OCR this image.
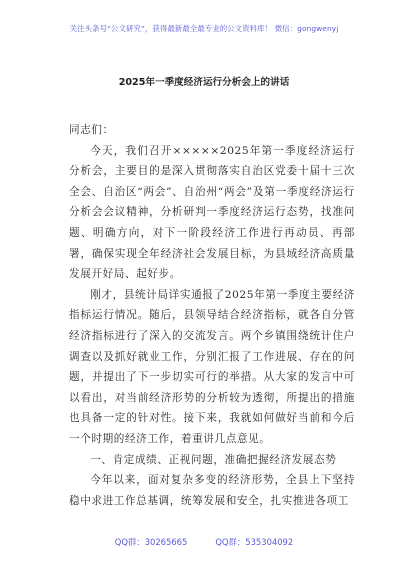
关注头条号“公文研究”，获得最新最全最专业的公文资料库！ 微信：gongwenyj
2025年一季度经济运行分析会上的讲话

同志们：

今天，我们召开×××××2025年第一季度经济运行分析会，主要目的是深入贯彻落实自治区党委十届十三次全会、自治区“两会”、自治州“两会”及第一季度经济运行分析会会议精神，分析研判一季度经济运行态势，找准问题、明确方向，对下一阶段经济工作进行再动员、再部署，确保实现全年经济社会发展目标，为县域经济高质量发展开好局、起好步。

刚才，县统计局详实通报了2025年第一季度主要经济指标运行情况。随后，县领导结合经济指标，就各自分管经济指标进行了深入的交流发言。两个乡镇围绕统计住户调查以及抓好就业工作，分别汇报了工作进展、存在的问题，并提出了下一步切实可行的举措。从大家的发言中可以看出，对当前经济形势的分析较为透彻，所提出的措施也具备一定的针对性。接下来，我就如何做好当前和今后一个时期的经济工作，着重讲几点意见。

一、肯定成绩、正视问题，准确把握经济发展态势

今年以来，面对复杂多变的经济形势，全县上下坚持稳中求进工作总基调，统筹发展和安全，扎实推进各项工

QQ群：30265665	QQ群：535304092
